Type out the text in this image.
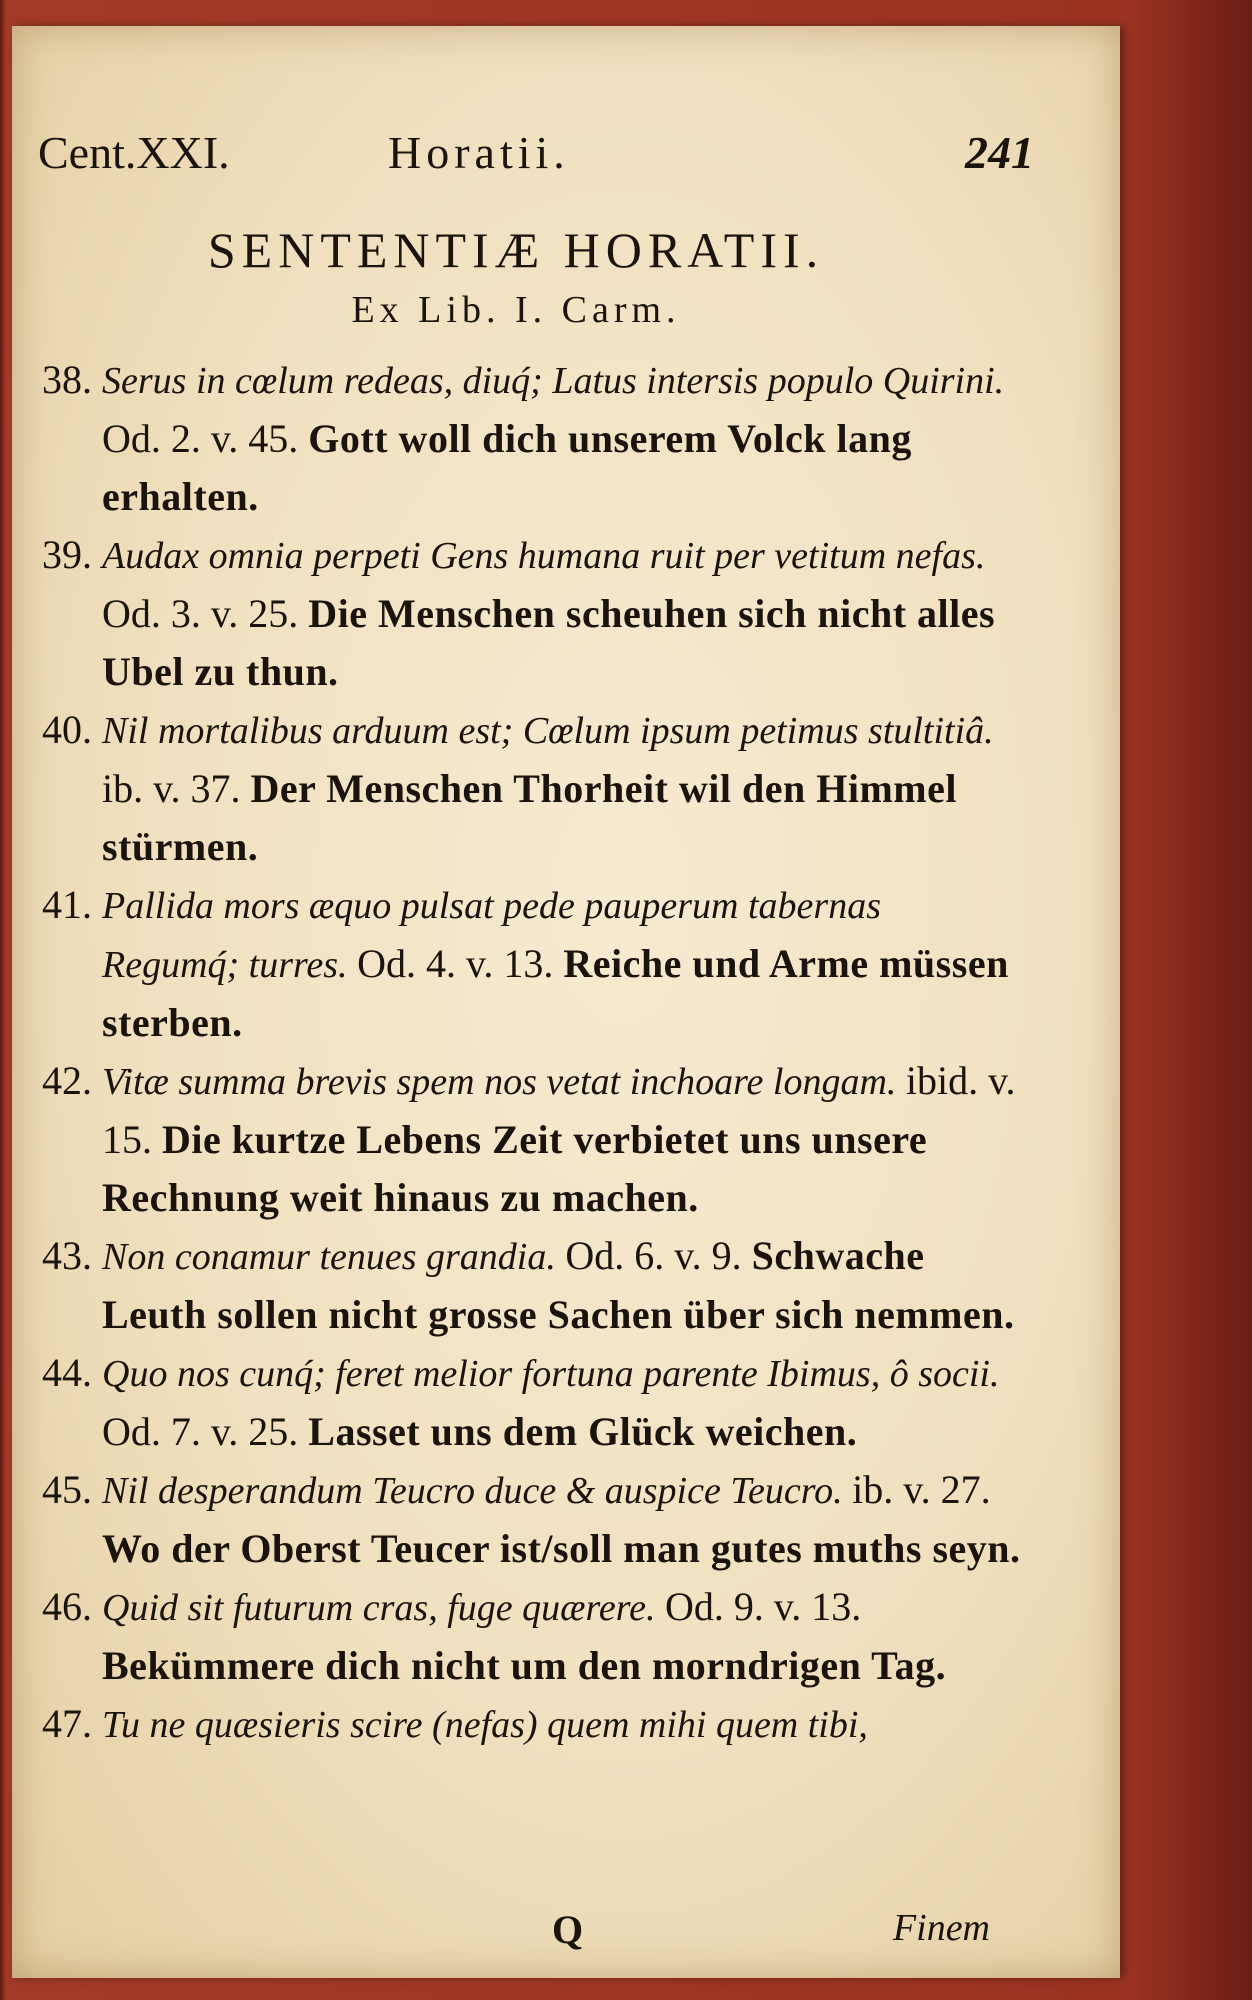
Cent.XXI.	Horatii.	241
SENTENTIÆ HORATII.
Ex Lib. I. Carm.
38. Serus in cœlum redeas, diuq́; Latus intersis populo Quirini. Od. 2. v. 45. Gott woll dich unserem Volck lang erhalten.
39. Audax omnia perpeti Gens humana ruit per vetitum nefas. Od. 3. v. 25. Die Menschen scheuhen sich nicht alles Ubel zu thun.
40. Nil mortalibus arduum est; Cœlum ipsum petimus stultitiâ. ib. v. 37. Der Menschen Thorheit wil den Himmel stürmen.
41. Pallida mors æquo pulsat pede pauperum tabernas Regumq́; turres. Od. 4. v. 13. Reiche und Arme müssen sterben.
42. Vitæ summa brevis spem nos vetat inchoare longam. ibid. v. 15. Die kurtze Lebens Zeit verbietet uns unsere Rechnung weit hinaus zu machen.
43. Non conamur tenues grandia. Od. 6. v. 9. Schwache Leuth sollen nicht grosse Sachen über sich nemmen.
44. Quo nos cunq́; feret melior fortuna parente Ibimus, ô socii. Od. 7. v. 25. Lasset uns dem Glück weichen.
45. Nil desperandum Teucro duce & auspice Teucro. ib. v. 27. Wo der Oberst Teucer ist/soll man gutes muths seyn.
46. Quid sit futurum cras, fuge quærere. Od. 9. v. 13. Bekümmere dich nicht um den morndrigen Tag.
47. Tu ne quæsieris scire (nefas) quem mihi quem tibi,
Q	Finem
